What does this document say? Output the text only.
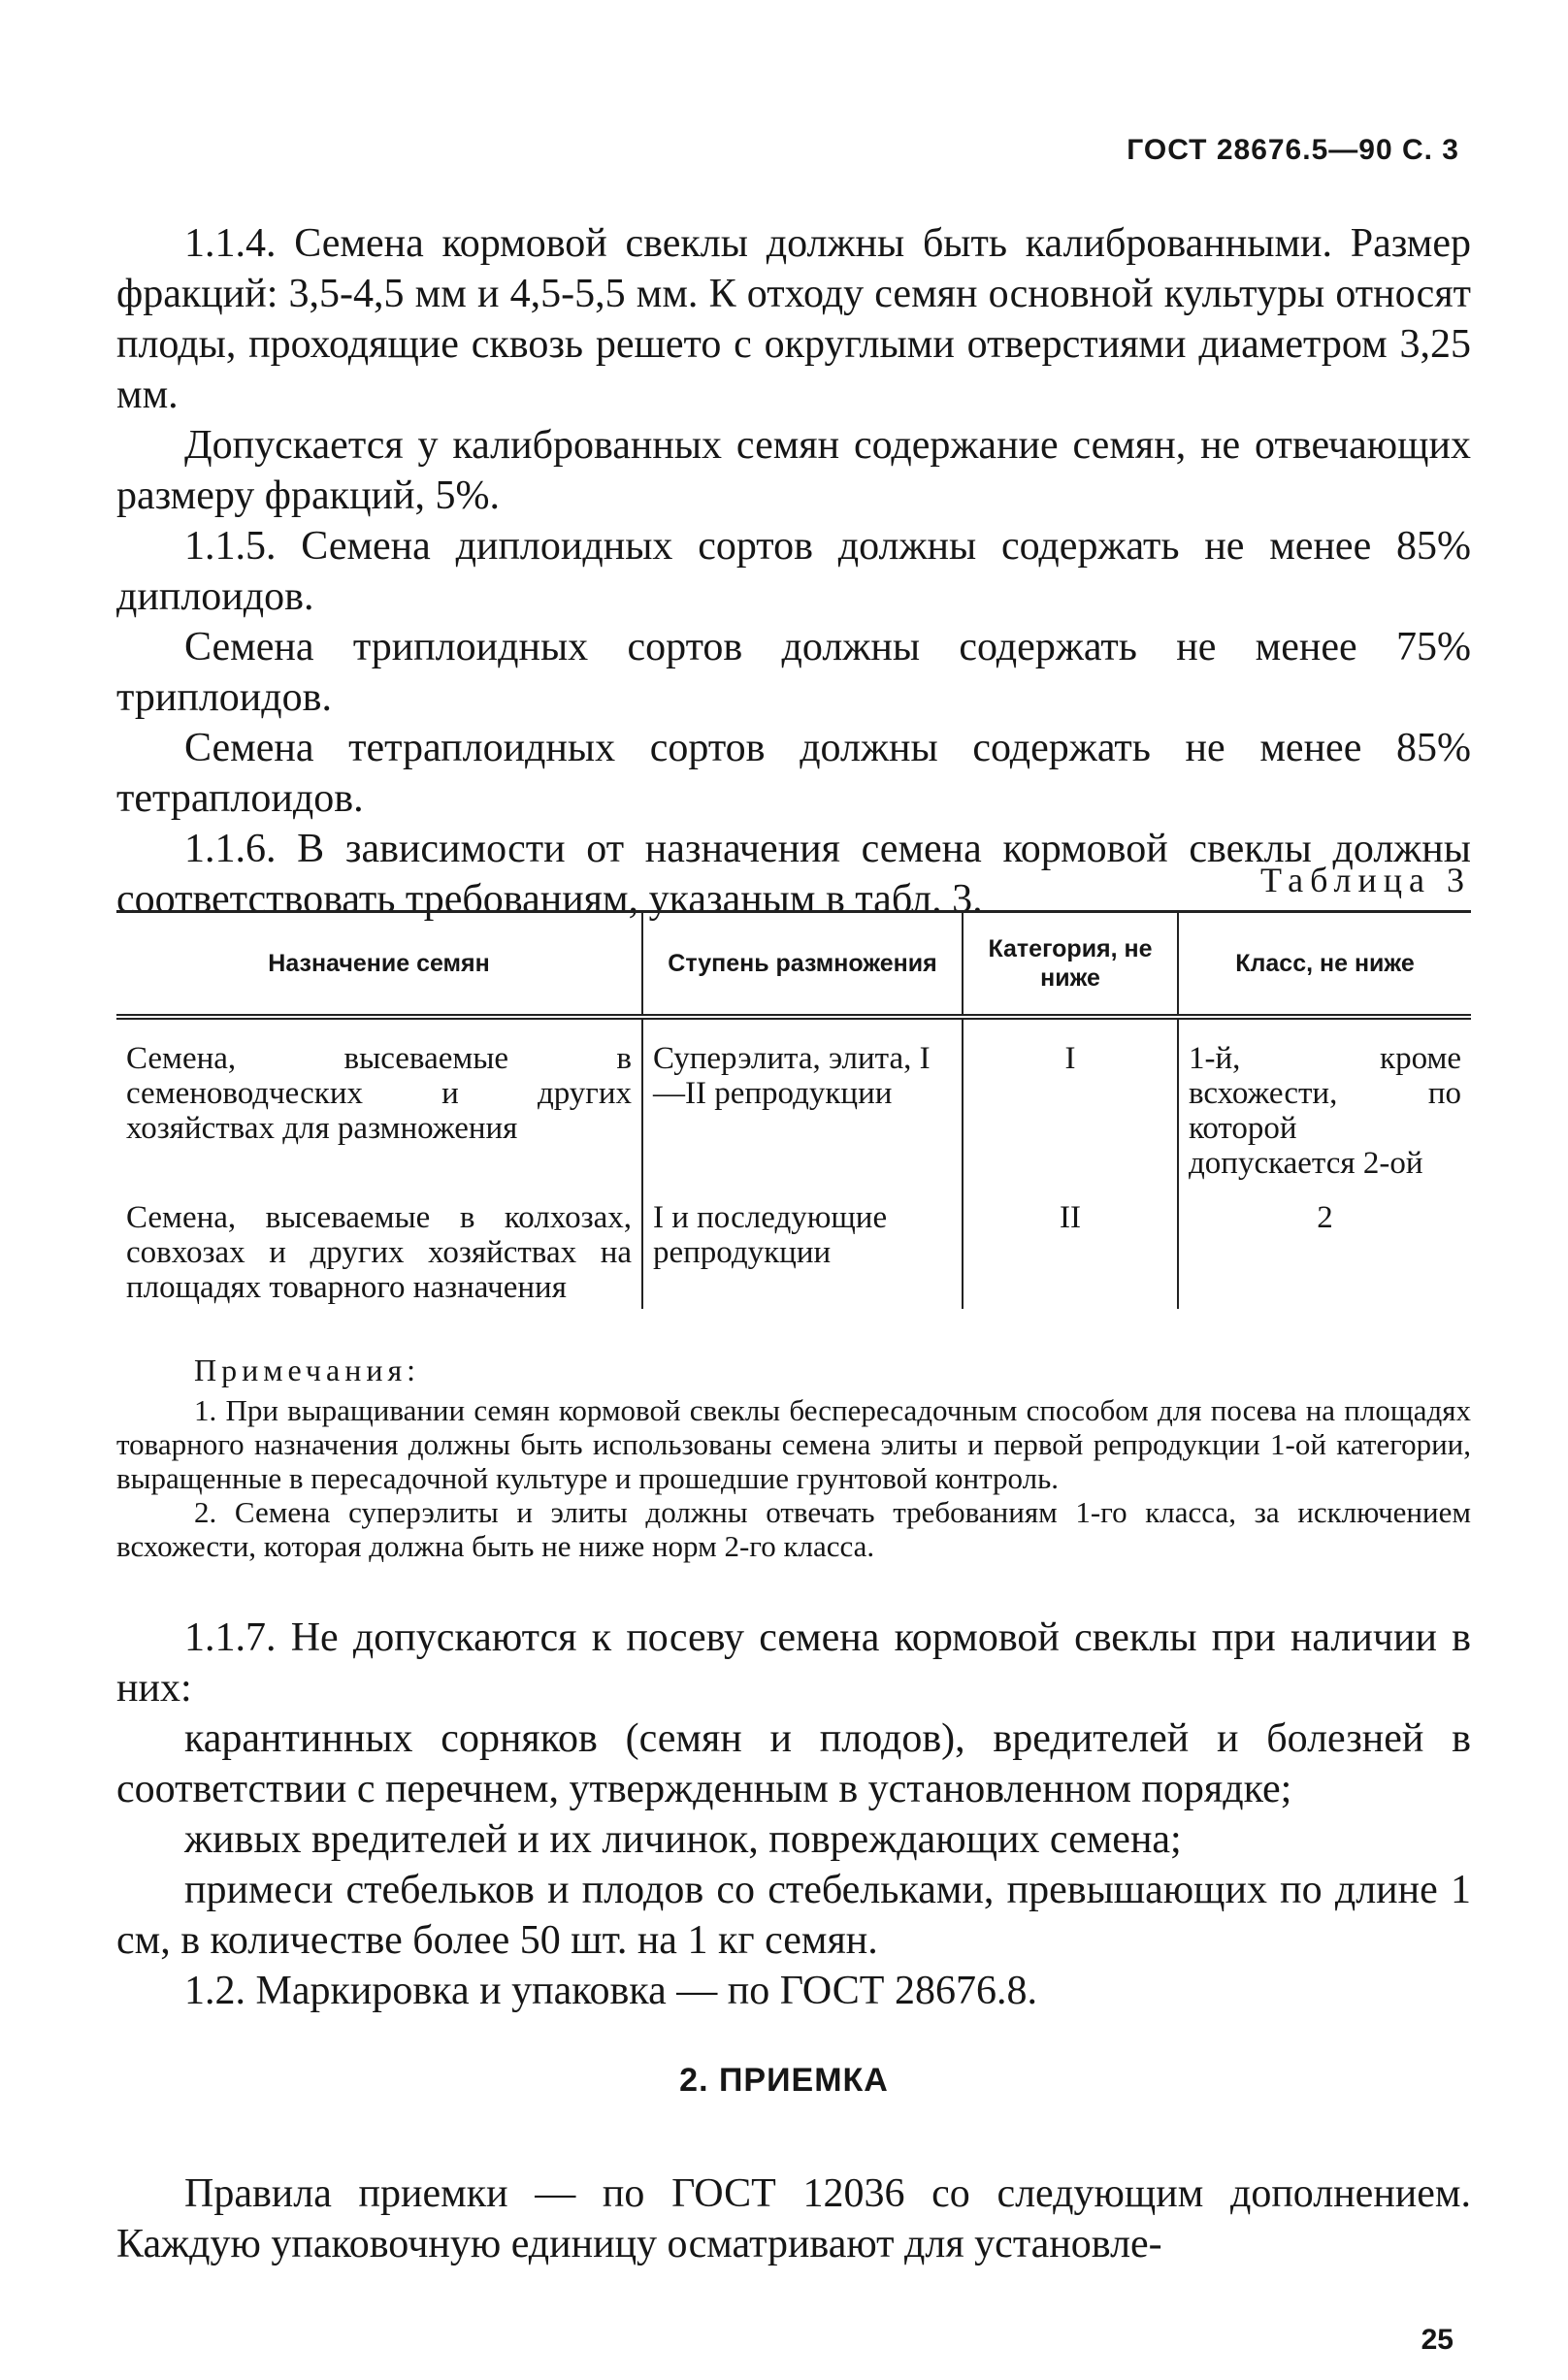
ГОСТ 28676.5—90 С. 3

1.1.4. Семена кормовой свеклы должны быть калиброванными. Размер фракций: 3,5-4,5 мм и 4,5-5,5 мм. К отходу семян основной культуры относят плоды, проходящие сквозь решето с округлыми отверстиями диаметром 3,25 мм.

Допускается у калиброванных семян содержание семян, не отвечающих размеру фракций, 5%.

1.1.5. Семена диплоидных сортов должны содержать не менее 85% диплоидов.

Семена триплоидных сортов должны содержать не менее 75% триплоидов.

Семена тетраплоидных сортов должны содержать не менее 85% тетраплоидов.

1.1.6. В зависимости от назначения семена кормовой свеклы должны соответствовать требованиям, указаным в табл. 3.	Таблица 3
Назначение семян	Ступень размножения	Категория, не ниже	Класс, не ниже
Семена, высеваемые в семеноводческих и других хозяйствах для размножения	Суперэлита, элита, I—II репродукции	I	1-й, кроме всхожести, по которой допускается 2-ой
Семена, высеваемые в колхозах, совхозах и других хозяйствах на площадях товарного назначения	I и последующие репродукции	II	2
Примечания:

1. При выращивании семян кормовой свеклы беспересадочным способом для посева на площадях товарного назначения должны быть использованы семена элиты и первой репродукции 1-ой категории, выращенные в пересадочной культуре и прошедшие грунтовой контроль.

2. Семена суперэлиты и элиты должны отвечать требованиям 1-го класса, за исключением всхожести, которая должна быть не ниже норм 2-го класса.

1.1.7. Не допускаются к посеву семена кормовой свеклы при наличии в них:

карантинных сорняков (семян и плодов), вредителей и болезней в соответствии с перечнем, утвержденным в установленном порядке;

живых вредителей и их личинок, повреждающих семена;

примеси стебельков и плодов со стебельками, превышающих по длине 1 см, в количестве более 50 шт. на 1 кг семян.

1.2. Маркировка и упаковка — по ГОСТ 28676.8.

2. ПРИЕМКА

Правила приемки — по ГОСТ 12036 со следующим дополнением. Каждую упаковочную единицу осматривают для установле-

25
